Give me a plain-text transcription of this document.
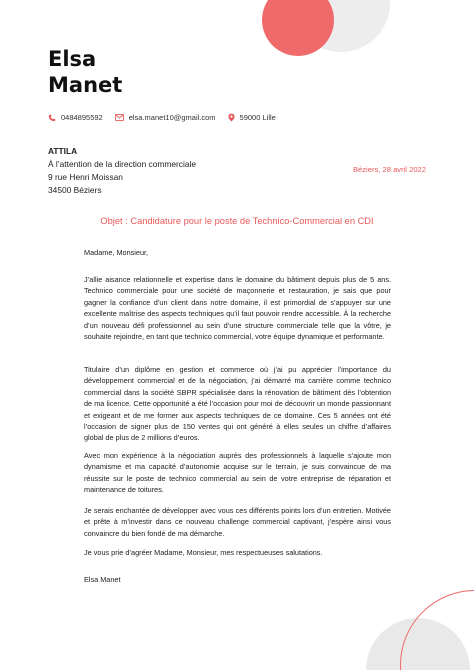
Elsa
Manet
0484895592	elsa.manet10@gmail.com	59000 Lille
ATTILA
À l’attention de la direction commerciale
9 rue Henri Moissan
34500 Béziers
Béziers, 28 avril 2022
Objet : Candidature pour le poste de Technico-Commercial en CDI

Madame, Monsieur,

J’allie aisance relationnelle et expertise dans le domaine du bâtiment depuis plus de 5 ans. Technico commerciale pour une société de maçonnerie et restauration, je sais que pour gagner la confiance d’un client dans notre domaine, il est primordial de s’appuyer sur une excellente maîtrise des aspects techniques qu’il faut pouvoir rendre accessible. À la recherche d’un nouveau défi professionnel au sein d’une structure commerciale telle que la vôtre, je souhaite rejoindre, en tant que technico commercial, votre équipe dynamique et performante.

Titulaire d’un diplôme en gestion et commerce où j’ai pu apprécier l’importance du développement commercial et de la négociation, j’ai démarré ma carrière comme technico commercial dans la société SBPR spécialisée dans la rénovation de bâtiment dès l’obtention de ma licence. Cette opportunité a été l’occasion pour moi de découvrir un monde passionnant et exigeant et de me former aux aspects techniques de ce domaine. Ces 5 années ont été l’occasion de signer plus de 150 ventes qui ont généré à elles seules un chiffre d’affaires global de plus de 2 millions d’euros.

Avec mon expérience à la négociation auprès des professionnels à laquelle s’ajoute mon dynamisme et ma capacité d’autonomie acquise sur le terrain, je suis convaincue de ma réussite sur le poste de technico commercial au sein de votre entreprise de réparation et maintenance de toitures.

Je serais enchantée de développer avec vous ces différents points lors d’un entretien. Motivée et prête à m’investir dans ce nouveau challenge commercial captivant, j’espère ainsi vous convaincre du bien fondé de ma démarche.

Je vous prie d’agréer Madame, Monsieur, mes respectueuses salutations.

Elsa Manet
